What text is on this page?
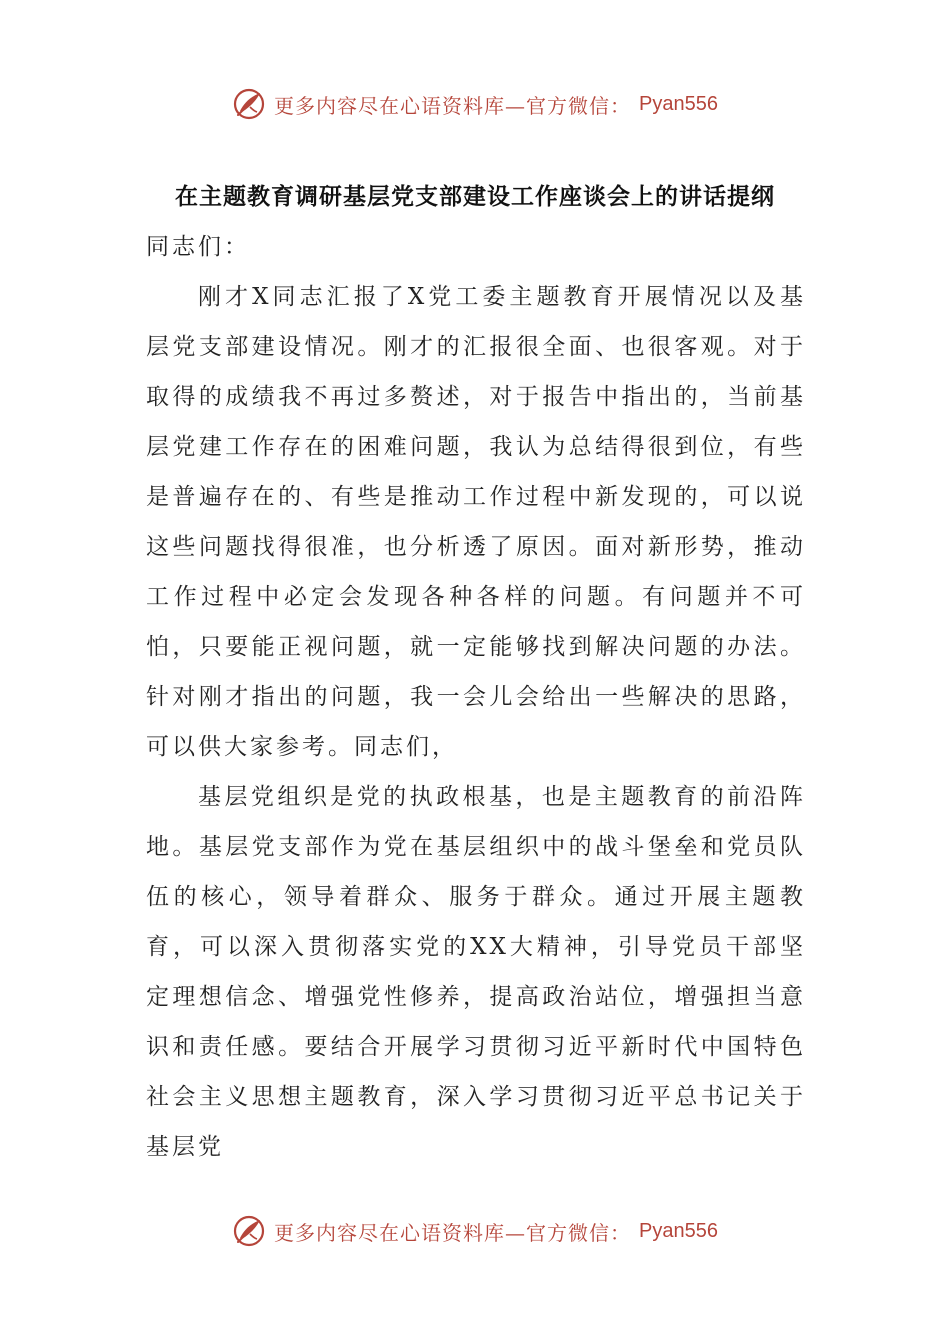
更多内容尽在心语资料库—官方微信： Pyan556
在主题教育调研基层党支部建设工作座谈会上的讲话提纲

同志们：

刚才X同志汇报了X党工委主题教育开展情况以及基层党支部建设情况。刚才的汇报很全面、也很客观。对于取得的成绩我不再过多赘述，对于报告中指出的，当前基层党建工作存在的困难问题，我认为总结得很到位，有些是普遍存在的、有些是推动工作过程中新发现的，可以说这些问题找得很准，也分析透了原因。面对新形势，推动工作过程中必定会发现各种各样的问题。有问题并不可怕，只要能正视问题，就一定能够找到解决问题的办法。针对刚才指出的问题，我一会儿会给出一些解决的思路，可以供大家参考。同志们，

基层党组织是党的执政根基，也是主题教育的前沿阵地。基层党支部作为党在基层组织中的战斗堡垒和党员队伍的核心，领导着群众、服务于群众。通过开展主题教育，可以深入贯彻落实党的XX大精神，引导党员干部坚定理想信念、增强党性修养，提高政治站位，增强担当意识和责任感。要结合开展学习贯彻习近平新时代中国特色社会主义思想主题教育，深入学习贯彻习近平总书记关于基层党

更多内容尽在心语资料库—官方微信： Pyan556
